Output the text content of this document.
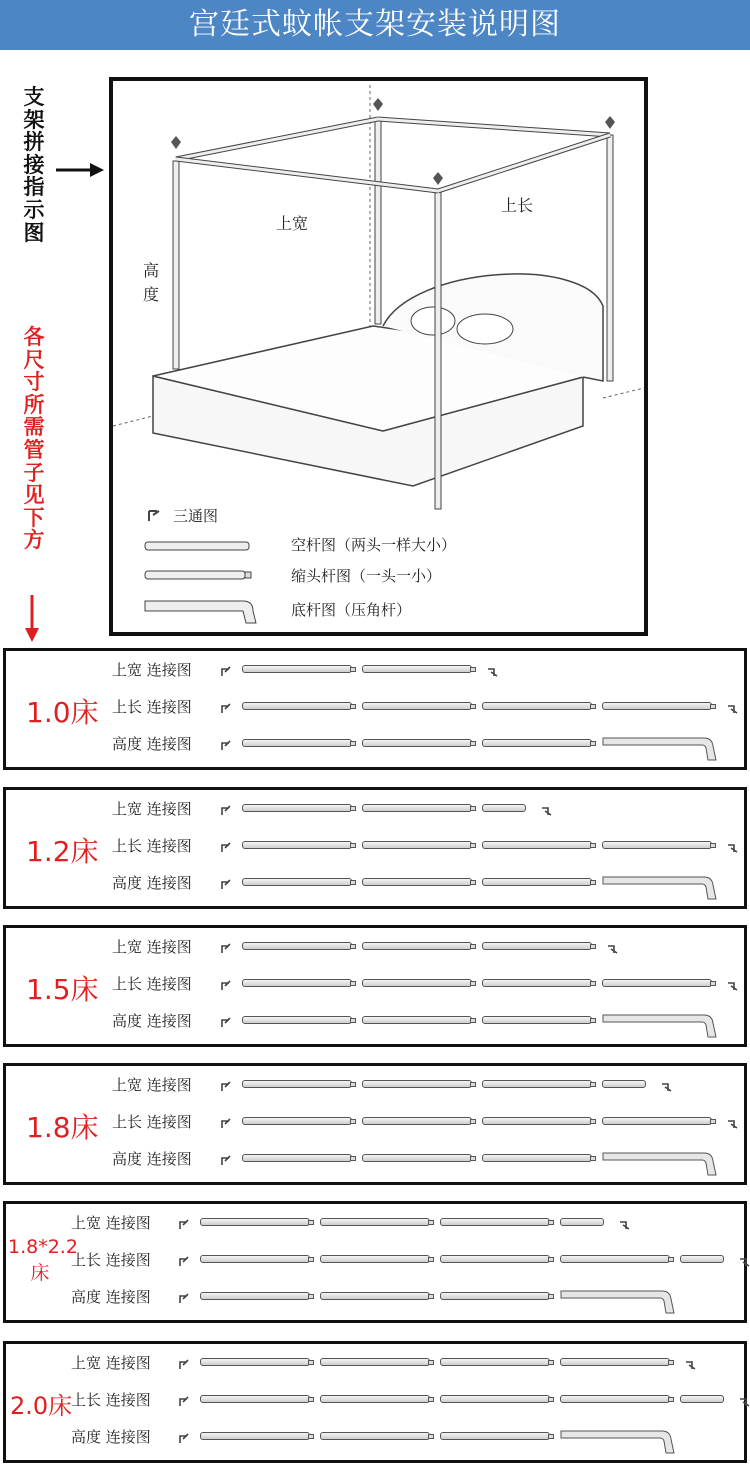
宫廷式蚊帐支架安装说明图
支架拼接指示图
各尺寸所需管子见下方
上宽
上长
高度
三通图
空杆图（两头一样大小）
缩头杆图（一头一小）
底杆图（压角杆）
1.0床
上宽 连接图
上长 连接图
高度 连接图
1.2床
上宽 连接图
上长 连接图
高度 连接图
1.5床
上宽 连接图
上长 连接图
高度 连接图
1.8床
上宽 连接图
上长 连接图
高度 连接图
1.8*2.2床
上宽 连接图
上长 连接图
高度 连接图
2.0床
上宽 连接图
上长 连接图
高度 连接图
